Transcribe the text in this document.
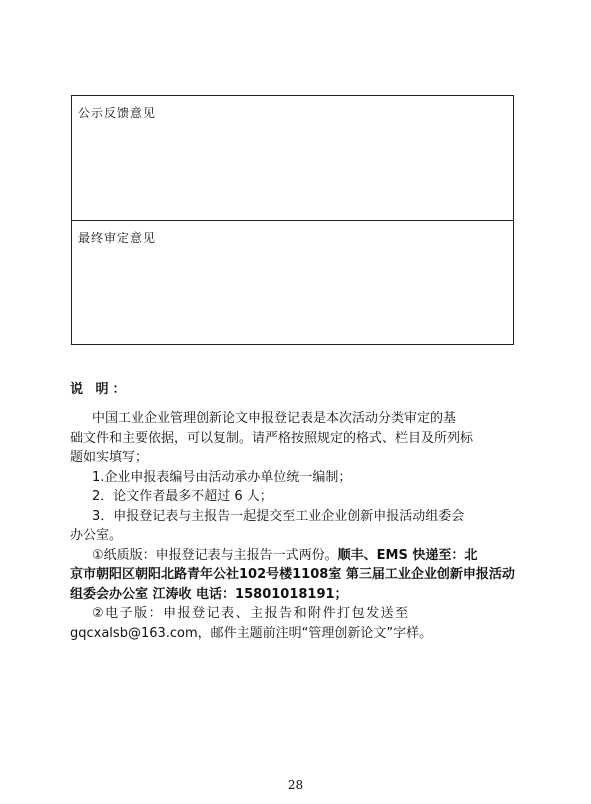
公示反馈意见
最终审定意见
说 明：

中国工业企业管理创新论文申报登记表是本次活动分类审定的基

础文件和主要依据，可以复制。请严格按照规定的格式、栏目及所列标

题如实填写；

1.企业申报表编号由活动承办单位统一编制；

2．论文作者最多不超过 6 人；

3．申报登记表与主报告一起提交至工业企业创新申报活动组委会

办公室。

①纸质版：申报登记表与主报告一式两份。顺丰、EMS 快递至：北

京市朝阳区朝阳北路青年公社102号楼1108室 第三届工业企业创新申报活动

组委会办公室 江涛收 电话：15801018191；

②电子版：申报登记表、主报告和附件打包发送至

gqcxalsb@163.com，邮件主题前注明“管理创新论文”字样。

28
